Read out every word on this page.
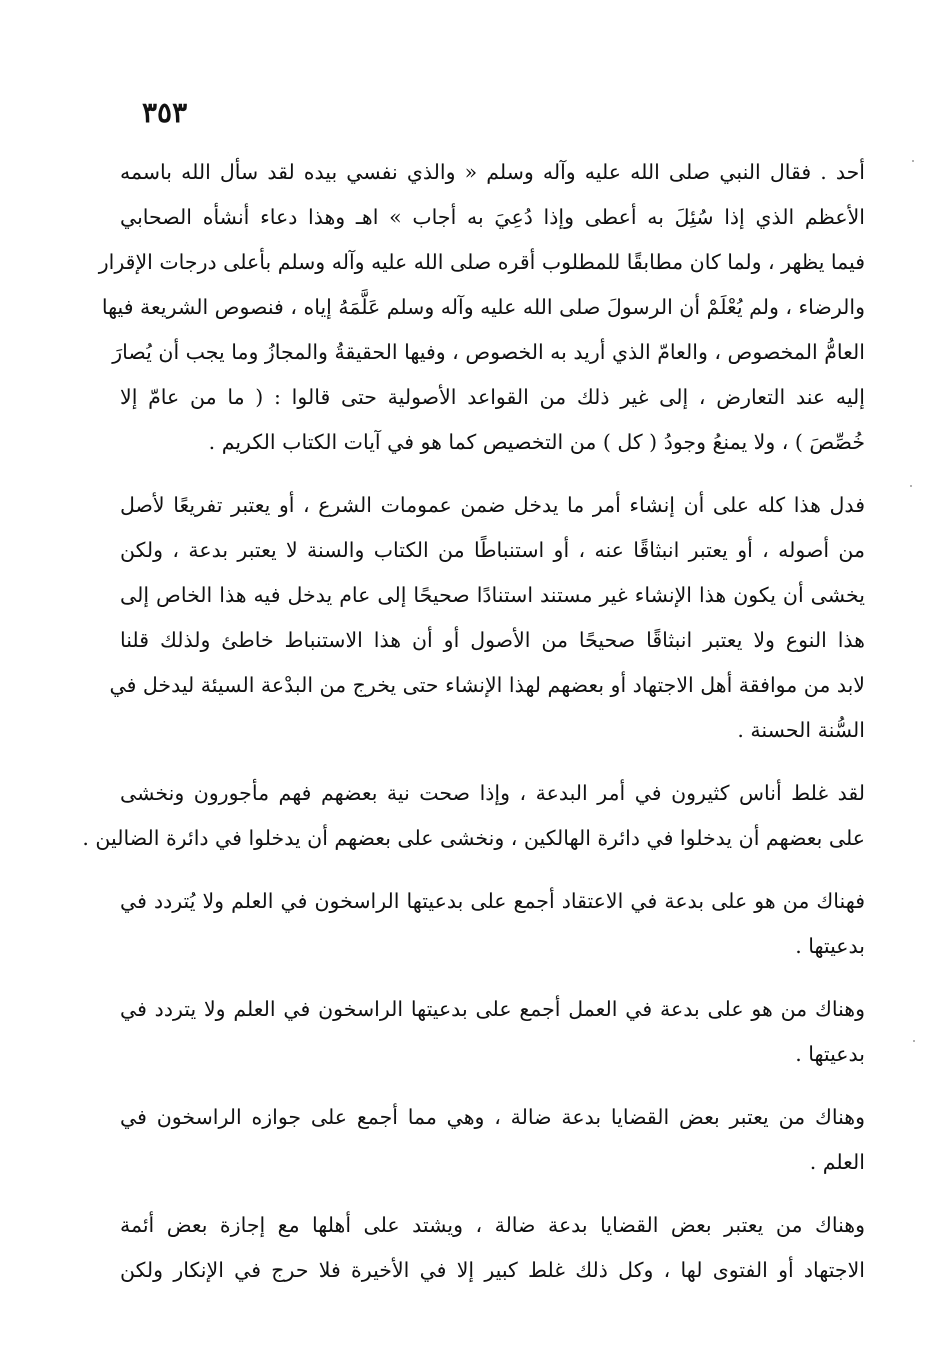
٣٥٣

أحد . فقال النبي صلى الله عليه وآله وسلم « والذي نفسي بيده لقد سأل الله باسمه
الأعظم الذي إذا سُئِلَ به أعطى وإذا دُعِيَ به أجاب » اهـ وهذا دعاء أنشأه الصحابي
فيما يظهر ، ولما كان مطابقًا للمطلوب أقره صلى الله عليه وآله وسلم بأعلى درجات الإقرار
والرضاء ، ولم يُعْلَمْ أن الرسولَ صلى الله عليه وآله وسلم عَلَّمَهُ إياه ، فنصوص الشريعة فيها
العامُّ المخصوص ، والعامّ الذي أريد به الخصوص ، وفيها الحقيقةُ والمجازُ وما يجب أن يُصارَ
إليه عند التعارض ، إلى غير ذلك من القواعد الأصولية حتى قالوا : ( ما من عامّ إلا
خُصِّصَ ) ، ولا يمنعُ وجودُ ( كل ) من التخصيص كما هو في آيات الكتاب الكريم .

فدل هذا كله على أن إنشاء أمر ما يدخل ضمن عمومات الشرع ، أو يعتبر تفريعًا لأصل
من أصوله ، أو يعتبر انبثاقًا عنه ، أو استنباطًا من الكتاب والسنة لا يعتبر بدعة ، ولكن
يخشى أن يكون هذا الإنشاء غير مستند استنادًا صحيحًا إلى عام يدخل فيه هذا الخاص إلى
هذا النوع ولا يعتبر انبثاقًا صحيحًا من الأصول أو أن هذا الاستنباط خاطئ ولذلك قلنا
لابد من موافقة أهل الاجتهاد أو بعضهم لهذا الإنشاء حتى يخرج من البدْعة السيئة ليدخل في
السُّنة الحسنة .

لقد غلط أناس كثيرون في أمر البدعة ، وإذا صحت نية بعضهم فهم مأجورون ونخشى
على بعضهم أن يدخلوا في دائرة الهالكين ، ونخشى على بعضهم أن يدخلوا في دائرة الضالين .

فهناك من هو على بدعة في الاعتقاد أجمع على بدعيتها الراسخون في العلم ولا يُتردد في
بدعيتها .

وهناك من هو على بدعة في العمل أجمع على بدعيتها الراسخون في العلم ولا يتردد في
بدعيتها .

وهناك من يعتبر بعض القضايا بدعة ضالة ، وهي مما أجمع على جوازه الراسخون في
العلم .

وهناك من يعتبر بعض القضايا بدعة ضالة ، ويشتد على أهلها مع إجازة بعض أئمة
الاجتهاد أو الفتوى لها ، وكل ذلك غلط كبير إلا في الأخيرة فلا حرج في الإنكار ولكن
